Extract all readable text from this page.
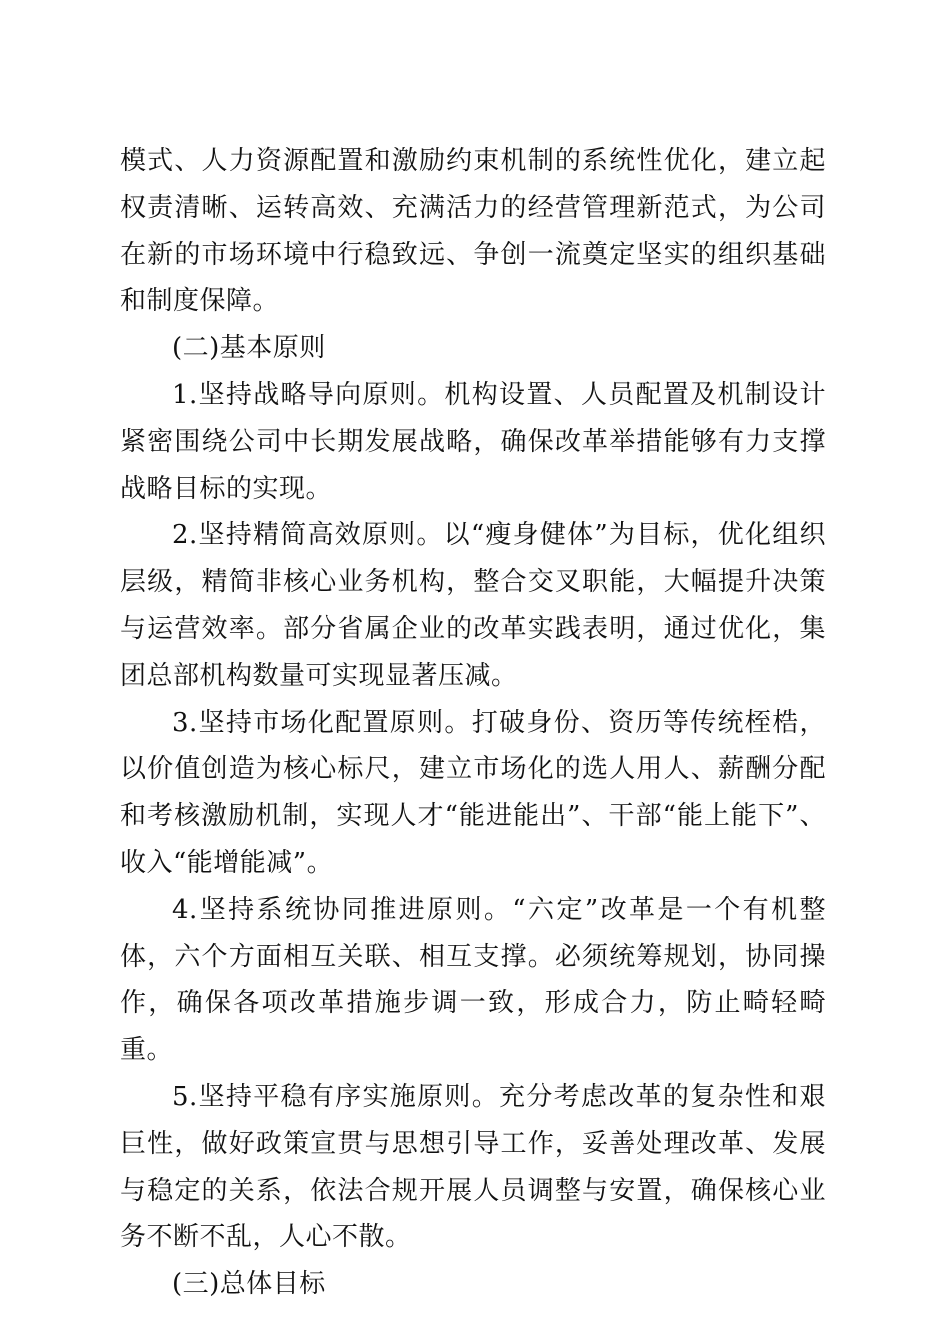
模式、人力资源配置和激励约束机制的系统性优化，建立起权责清晰、运转高效、充满活力的经营管理新范式，为公司在新的市场环境中行稳致远、争创一流奠定坚实的组织基础和制度保障。

(二)基本原则

1.坚持战略导向原则。机构设置、人员配置及机制设计紧密围绕公司中长期发展战略，确保改革举措能够有力支撑战略目标的实现。

2.坚持精简高效原则。以“瘦身健体”为目标，优化组织层级，精简非核心业务机构，整合交叉职能，大幅提升决策与运营效率。部分省属企业的改革实践表明，通过优化，集团总部机构数量可实现显著压减。

3.坚持市场化配置原则。打破身份、资历等传统桎梏，以价值创造为核心标尺，建立市场化的选人用人、薪酬分配和考核激励机制，实现人才“能进能出”、干部“能上能下”、收入“能增能减”。

4.坚持系统协同推进原则。“六定”改革是一个有机整体，六个方面相互关联、相互支撑。必须统筹规划，协同操作，确保各项改革措施步调一致，形成合力，防止畸轻畸重。

5.坚持平稳有序实施原则。充分考虑改革的复杂性和艰巨性，做好政策宣贯与思想引导工作，妥善处理改革、发展与稳定的关系，依法合规开展人员调整与安置，确保核心业务不断不乱，人心不散。

(三)总体目标
